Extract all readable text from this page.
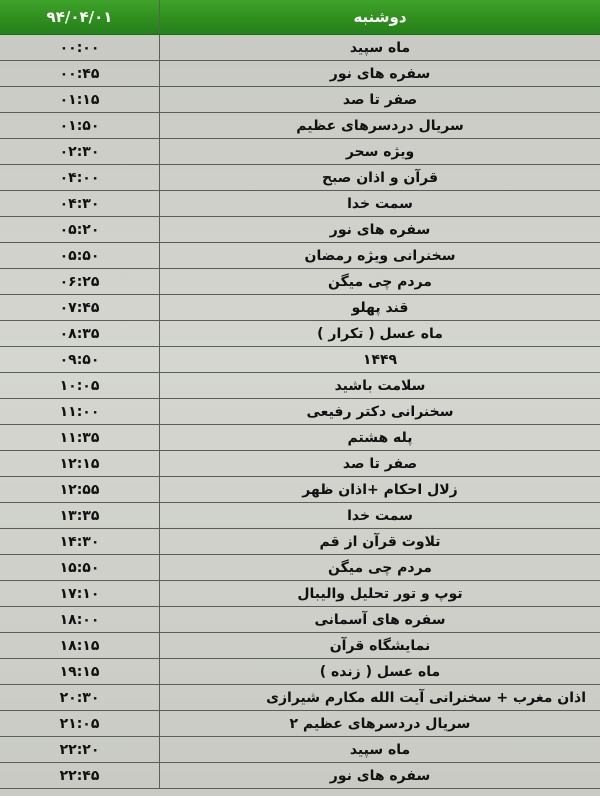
۹۴/۰۴/۰۱	دوشنبه
۰۰:۰۰	ماه سپید
۰۰:۴۵	سفره های نور
۰۱:۱۵	صفر تا صد
۰۱:۵۰	سریال دردسرهای عظیم
۰۲:۳۰	ویژه سحر
۰۴:۰۰	قرآن و اذان صبح
۰۴:۳۰	سمت خدا
۰۵:۲۰	سفره های نور
۰۵:۵۰	سخنرانی ویژه رمضان
۰۶:۲۵	مردم چی میگن
۰۷:۴۵	قند پهلو
۰۸:۳۵	ماه عسل ( تکرار )
۰۹:۵۰	۱۴۴۹
۱۰:۰۵	سلامت باشید
۱۱:۰۰	سخنرانی دکتر رفیعی
۱۱:۳۵	پله هشتم
۱۲:۱۵	صفر تا صد
۱۲:۵۵	زلال احکام +اذان ظهر
۱۳:۳۵	سمت خدا
۱۴:۳۰	تلاوت قرآن از قم
۱۵:۵۰	مردم چی میگن
۱۷:۱۰	توپ و تور تحلیل والیبال
۱۸:۰۰	سفره های آسمانی
۱۸:۱۵	نمایشگاه قرآن
۱۹:۱۵	ماه عسل ( زنده )
۲۰:۳۰	اذان مغرب + سخنرانی آیت الله مکارم شیرازی
۲۱:۰۵	سریال دردسرهای عظیم ۲
۲۲:۲۰	ماه سپید
۲۲:۴۵	سفره های نور
